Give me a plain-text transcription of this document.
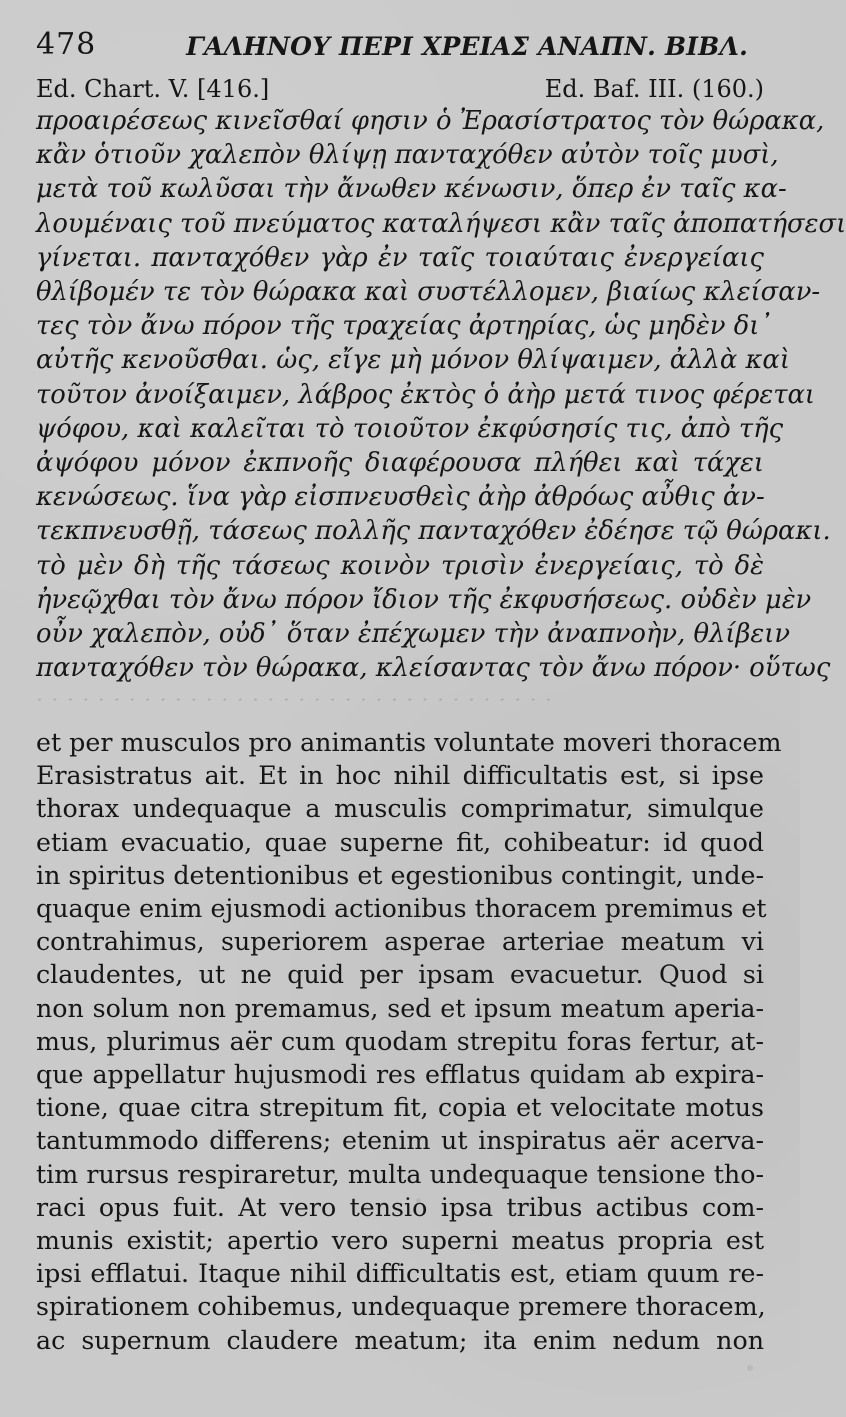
478	ΓΑΛΗΝΟΥ ΠΕΡΙ ΧΡΕΙΑΣ ΑΝΑΠΝ. ΒΙΒΛ.
Ed. Chart. V. [416.]	Ed. Baf. III. (160.)
προαιρέσεως κινεῖσθαί φησιν ὁ Ἐρασίστρατος τὸν θώρακα,
κἂν ὁτιοῦν χαλεπὸν θλίψῃ πανταχόθεν αὐτὸν τοῖς μυσὶ,
μετὰ τοῦ κωλῦσαι τὴν ἄνωθεν κένωσιν, ὅπερ ἐν ταῖς κα-
λουμέναις τοῦ πνεύματος καταλήψεσι κἂν ταῖς ἀποπατήσεσι
γίνεται. πανταχόθεν γὰρ ἐν ταῖς τοιαύταις ἐνεργείαις
θλίβομέν τε τὸν θώρακα καὶ συστέλλομεν, βιαίως κλείσαν-
τες τὸν ἄνω πόρον τῆς τραχείας ἀρτηρίας, ὡς μηδὲν δι᾽
αὐτῆς κενοῦσθαι. ὡς, εἴγε μὴ μόνον θλίψαιμεν, ἀλλὰ καὶ
τοῦτον ἀνοίξαιμεν, λάβρος ἐκτὸς ὁ ἀὴρ μετά τινος φέρεται
ψόφου, καὶ καλεῖται τὸ τοιοῦτον ἐκφύσησίς τις, ἀπὸ τῆς
ἀψόφου μόνον ἐκπνοῆς διαφέρουσα πλήθει καὶ τάχει
κενώσεως. ἵνα γὰρ εἰσπνευσθεὶς ἀὴρ ἀθρόως αὖθις ἀν-
τεκπνευσθῇ, τάσεως πολλῆς πανταχόθεν ἐδέησε τῷ θώρακι.
τὸ μὲν δὴ τῆς τάσεως κοινὸν τρισὶν ἐνεργείαις, τὸ δὲ
ἠνεῷχθαι τὸν ἄνω πόρον ἴδιον τῆς ἐκφυσήσεως. οὐδὲν μὲν
οὖν χαλεπὸν, οὐδ᾽ ὅταν ἐπέχωμεν τὴν ἀναπνοὴν, θλίβειν
πανταχόθεν τὸν θώρακα, κλείσαντας τὸν ἄνω πόρον· οὕτως
· · · · · · · · · · · · · · · · · · · · · · · · · · · · · · · · · ·
et per musculos pro animantis voluntate moveri thoracem
Erasistratus ait. Et in hoc nihil difficultatis est, si ipse
thorax undequaque a musculis comprimatur, simulque
etiam evacuatio, quae superne fit, cohibeatur: id quod
in spiritus detentionibus et egestionibus contingit, unde-
quaque enim ejusmodi actionibus thoracem premimus et
contrahimus, superiorem asperae arteriae meatum vi
claudentes, ut ne quid per ipsam evacuetur. Quod si
non solum non premamus, sed et ipsum meatum aperia-
mus, plurimus aër cum quodam strepitu foras fertur, at-
que appellatur hujusmodi res efflatus quidam ab expira-
tione, quae citra strepitum fit, copia et velocitate motus
tantummodo differens; etenim ut inspiratus aër acerva-
tim rursus respiraretur, multa undequaque tensione tho-
raci opus fuit. At vero tensio ipsa tribus actibus com-
munis existit; apertio vero superni meatus propria est
ipsi efflatui. Itaque nihil difficultatis est, etiam quum re-
spirationem cohibemus, undequaque premere thoracem,
ac supernum claudere meatum; ita enim nedum non
